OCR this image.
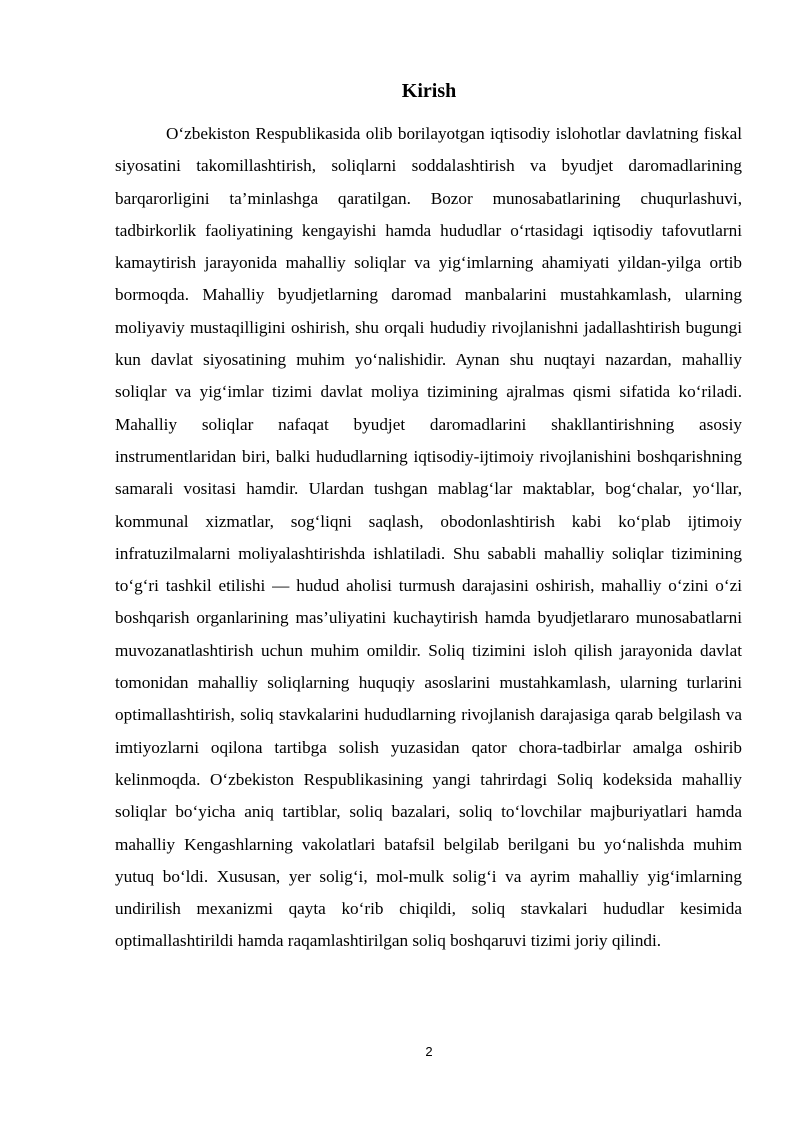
Kirish

O‘zbekiston Respublikasida olib borilayotgan iqtisodiy islohotlar davlatning fiskal siyosatini takomillashtirish, soliqlarni soddalashtirish va byudjet daromadlarining barqarorligini ta’minlashga qaratilgan. Bozor munosabatlarining chuqurlashuvi, tadbirkorlik faoliyatining kengayishi hamda hududlar o‘rtasidagi iqtisodiy tafovutlarni kamaytirish jarayonida mahalliy soliqlar va yig‘imlarning ahamiyati yildan-yilga ortib bormoqda. Mahalliy byudjetlarning daromad manbalarini mustahkamlash, ularning moliyaviy mustaqilligini oshirish, shu orqali hududiy rivojlanishni jadallashtirish bugungi kun davlat siyosatining muhim yo‘nalishidir. Aynan shu nuqtayi nazardan, mahalliy soliqlar va yig‘imlar tizimi davlat moliya tizimining ajralmas qismi sifatida ko‘riladi. Mahalliy soliqlar nafaqat byudjet daromadlarini shakllantirishning asosiy instrumentlaridan biri, balki hududlarning iqtisodiy-ijtimoiy rivojlanishini boshqarishning samarali vositasi hamdir. Ulardan tushgan mablag‘lar maktablar, bog‘chalar, yo‘llar, kommunal xizmatlar, sog‘liqni saqlash, obodonlashtirish kabi ko‘plab ijtimoiy infratuzilmalarni moliyalashtirishda ishlatiladi. Shu sababli mahalliy soliqlar tizimining to‘g‘ri tashkil etilishi — hudud aholisi turmush darajasini oshirish, mahalliy o‘zini o‘zi boshqarish organlarining mas’uliyatini kuchaytirish hamda byudjetlararo munosabatlarni muvozanatlashtirish uchun muhim omildir. Soliq tizimini isloh qilish jarayonida davlat tomonidan mahalliy soliqlarning huquqiy asoslarini mustahkamlash, ularning turlarini optimallashtirish, soliq stavkalarini hududlarning rivojlanish darajasiga qarab belgilash va imtiyozlarni oqilona tartibga solish yuzasidan qator chora-tadbirlar amalga oshirib kelinmoqda. O‘zbekiston Respublikasining yangi tahrirdagi Soliq kodeksida mahalliy soliqlar bo‘yicha aniq tartiblar, soliq bazalari, soliq to‘lovchilar majburiyatlari hamda mahalliy Kengashlarning vakolatlari batafsil belgilab berilgani bu yo‘nalishda muhim yutuq bo‘ldi. Xususan, yer solig‘i, mol-mulk solig‘i va ayrim mahalliy yig‘imlarning undirilish mexanizmi qayta ko‘rib chiqildi, soliq stavkalari hududlar kesimida optimallashtirildi hamda raqamlashtirilgan soliq boshqaruvi tizimi joriy qilindi.

2
